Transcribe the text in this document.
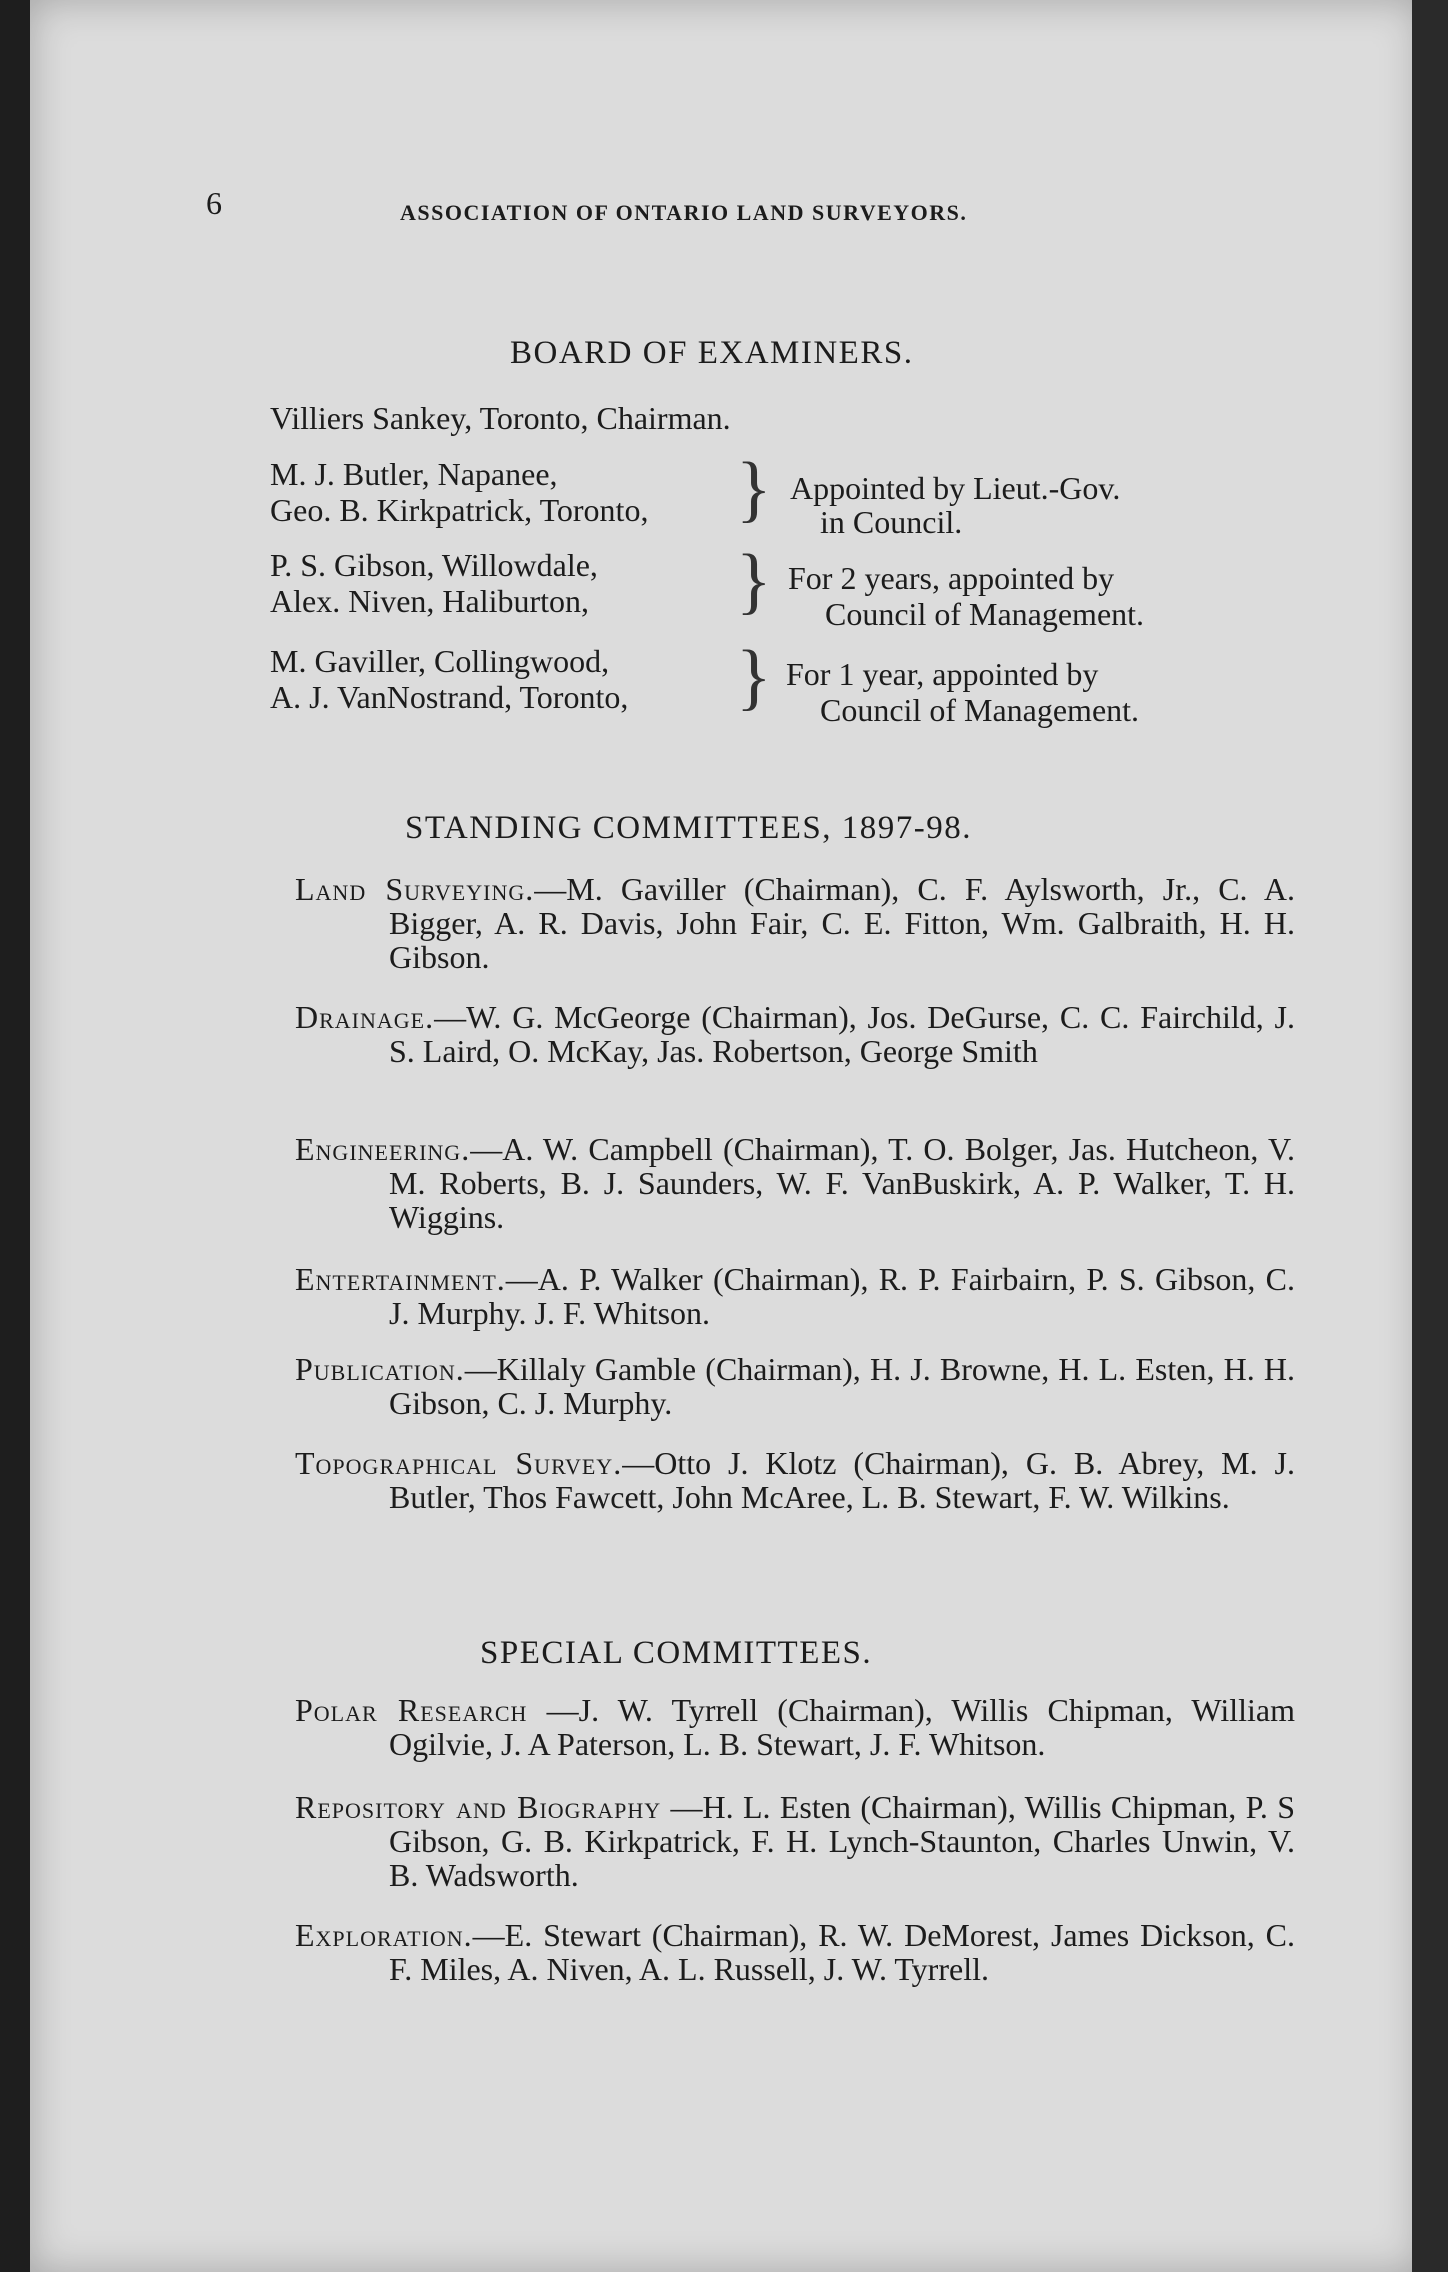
6	ASSOCIATION OF ONTARIO LAND SURVEYORS.
BOARD OF EXAMINERS.
Villiers Sankey, Toronto, Chairman.
M. J. Butler, Napanee,
Geo. B. Kirkpatrick, Toronto, } Appointed by Lieut.-Gov.
in Council.
P. S. Gibson, Willowdale,
Alex. Niven, Haliburton, } For 2 years, appointed by
Council of Management.
M. Gaviller, Collingwood,
A. J. VanNostrand, Toronto, } For 1 year, appointed by
Council of Management.
STANDING COMMITTEES, 1897-98.
Land Surveying.—M. Gaviller (Chairman), C. F. Aylsworth, Jr., C. A. Bigger, A. R. Davis, John Fair, C. E. Fitton, Wm. Galbraith, H. H. Gibson.
Drainage.—W. G. McGeorge (Chairman), Jos. DeGurse, C. C. Fairchild, J. S. Laird, O. McKay, Jas. Robertson, George Smith
Engineering.—A. W. Campbell (Chairman), T. O. Bolger, Jas. Hutcheon, V. M. Roberts, B. J. Saunders, W. F. VanBuskirk, A. P. Walker, T. H. Wiggins.
Entertainment.—A. P. Walker (Chairman), R. P. Fairbairn, P. S. Gibson, C. J. Murphy. J. F. Whitson.
Publication.—Killaly Gamble (Chairman), H. J. Browne, H. L. Esten, H. H. Gibson, C. J. Murphy.
Topographical Survey.—Otto J. Klotz (Chairman), G. B. Abrey, M. J. Butler, Thos Fawcett, John McAree, L. B. Stewart, F. W. Wilkins.
SPECIAL COMMITTEES.
Polar Research —J. W. Tyrrell (Chairman), Willis Chipman, William Ogilvie, J. A Paterson, L. B. Stewart, J. F. Whitson.
Repository and Biography —H. L. Esten (Chairman), Willis Chipman, P. S Gibson, G. B. Kirkpatrick, F. H. Lynch-Staunton, Charles Unwin, V. B. Wadsworth.
Exploration.—E. Stewart (Chairman), R. W. DeMorest, James Dickson, C. F. Miles, A. Niven, A. L. Russell, J. W. Tyrrell.
